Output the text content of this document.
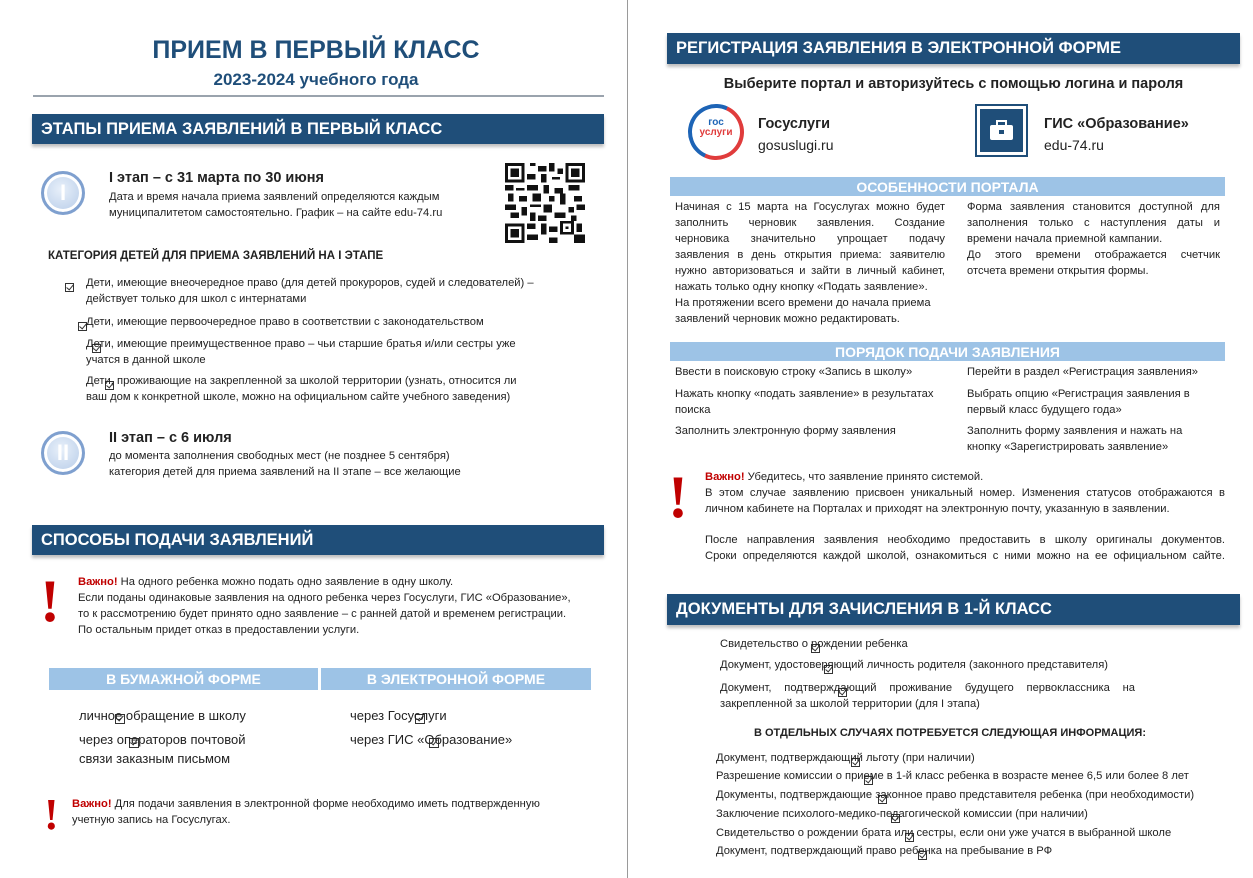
ПРИЕМ В ПЕРВЫЙ КЛАСС
2023-2024 учебного года
ЭТАПЫ ПРИЕМА ЗАЯВЛЕНИЙ В ПЕРВЫЙ КЛАСС
I
I этап – с 31 марта по 30 июня
Дата и время начала приема заявлений определяются каждым
муниципалитетом самостоятельно. График – на сайте edu-74.ru
КАТЕГОРИЯ ДЕТЕЙ ДЛЯ ПРИЕМА ЗАЯВЛЕНИЙ НА I ЭТАПЕ

Дети, имеющие внеочередное право (для детей прокуроров, судей и следователей) –
действует только для школ с интернатами

Дети, имеющие первоочередное право в соответствии с законодательством

Дети, имеющие преимущественное право – чьи старшие братья и/или сестры уже
учатся в данной школе

Дети, проживающие на закрепленной за школой территории (узнать, относится ли
ваш дом к конкретной школе, можно на официальном сайте учебного заведения)
II
II этап – с 6 июля
до момента заполнения свободных мест (не позднее 5 сентября)
категория детей для приема заявлений на II этапе – все желающие
СПОСОБЫ ПОДАЧИ ЗАЯВЛЕНИЙ
! Важно! На одного ребенка можно подать одно заявление в одну школу.
Если поданы одинаковые заявления на одного ребенка через Госуслуги, ГИС «Образование»,
то к рассмотрению будет принято одно заявление – с ранней датой и временем регистрации.
По остальным придет отказ в предоставлении услуги.
В БУМАЖНОЙ ФОРМЕ	В ЭЛЕКТРОННОЙ ФОРМЕ

личное обращение в школу

через операторов почтовой
связи заказным письмом

через Госуслуги

через ГИС «Образование»
! Важно! Для подачи заявления в электронной форме необходимо иметь подтвержденную
учетную запись на Госуслугах.
РЕГИСТРАЦИЯ ЗАЯВЛЕНИЯ В ЭЛЕКТРОННОЙ ФОРМЕ
Выберите портал и авторизуйтесь с помощью логина и пароля
гос
услуги
Госуслуги
gosuslugi.ru
ГИС «Образование»
edu-74.ru
ОСОБЕННОСТИ ПОРТАЛА
Начиная с 15 марта на Госуслугах можно будет
заполнить черновик заявления. Создание
черновика значительно упрощает подачу
заявления в день открытия приема: заявителю
нужно авторизоваться и зайти в личный кабинет,
нажать только одну кнопку «Подать заявление».
На протяжении всего времени до начала приема
заявлений черновик можно редактировать.
Форма заявления становится доступной для
заполнения только с наступления даты и
времени начала приемной кампании.
До этого времени отображается счетчик
отсчета времени открытия формы.
ПОРЯДОК ПОДАЧИ ЗАЯВЛЕНИЯ
Ввести в поисковую строку «Запись в школу»
Нажать кнопку «подать заявление» в результатах
поиска
Заполнить электронную форму заявления
Перейти в раздел «Регистрация заявления»
Выбрать опцию «Регистрация заявления в
первый класс будущего года»
Заполнить форму заявления и нажать на
кнопку «Зарегистрировать заявление»
! Важно! Убедитесь, что заявление принято системой.
В этом случае заявлению присвоен уникальный номер. Изменения статусов отображаются в
личном кабинете на Порталах и приходят на электронную почту, указанную в заявлении.
После направления заявления необходимо предоставить в школу оригиналы документов.
Сроки определяются каждой школой, ознакомиться с ними можно на ее официальном сайте.
ДОКУМЕНТЫ ДЛЯ ЗАЧИСЛЕНИЯ В 1-Й КЛАСС

Свидетельство о рождении ребенка

Документ, удостоверяющий личность родителя (законного представителя)

Документ, подтверждающий проживание будущего первоклассника на
закрепленной за школой территории (для I этапа)
В ОТДЕЛЬНЫХ СЛУЧАЯХ ПОТРЕБУЕТСЯ СЛЕДУЮЩАЯ ИНФОРМАЦИЯ:

Документ, подтверждающий льготу (при наличии)

Разрешение комиссии о приеме в 1-й класс ребенка в возрасте менее 6,5 или более 8 лет

Документы, подтверждающие законное право представителя ребенка (при необходимости)

Заключение психолого-медико-педагогической комиссии (при наличии)

Свидетельство о рождении брата или сестры, если они уже учатся в выбранной школе
Документ, подтверждающий право ребенка на пребывание в РФ
